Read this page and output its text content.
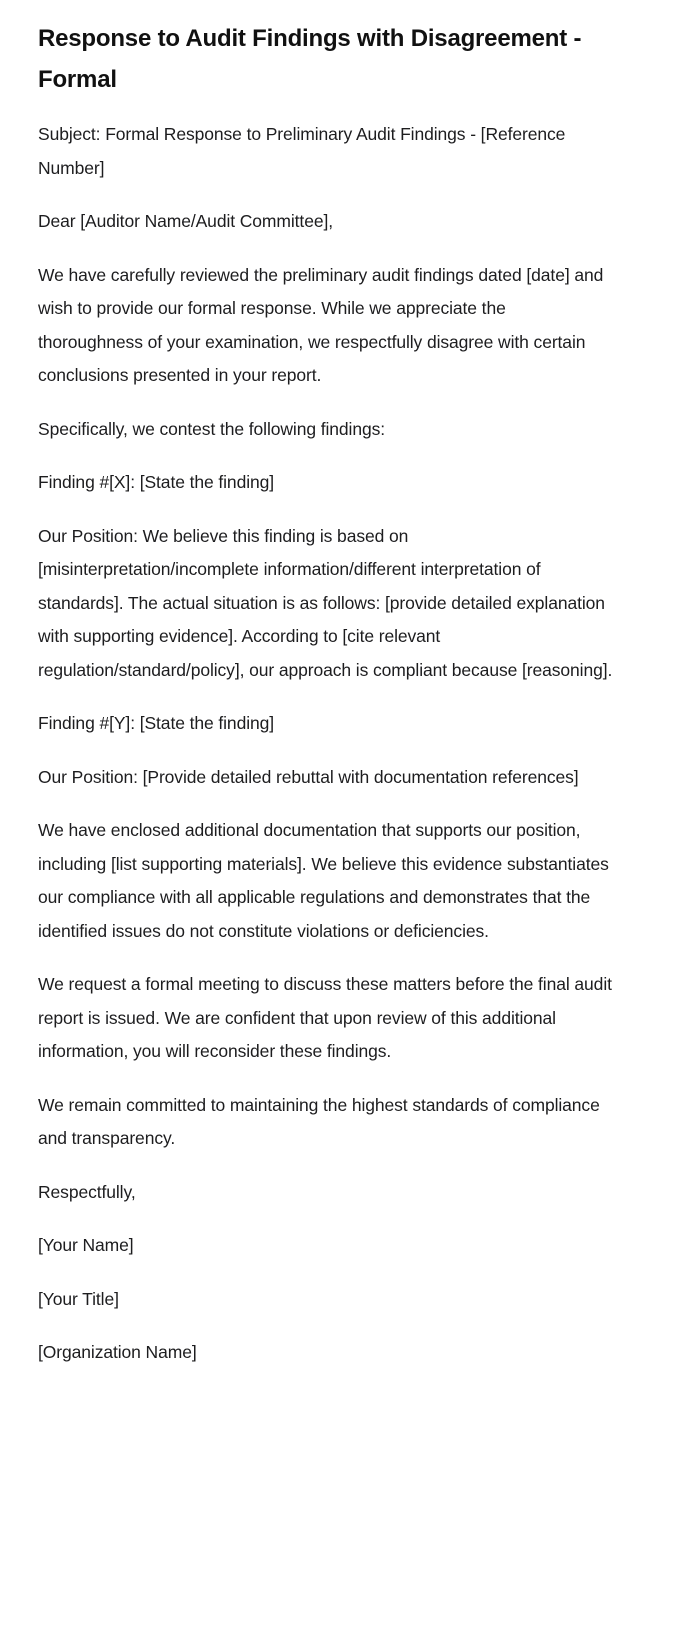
Response to Audit Findings with Disagreement - Formal

Subject: Formal Response to Preliminary Audit Findings - [Reference Number]

Dear [Auditor Name/Audit Committee],

We have carefully reviewed the preliminary audit findings dated [date] and wish to provide our formal response. While we appreciate the thoroughness of your examination, we respectfully disagree with certain conclusions presented in your report.

Specifically, we contest the following findings:

Finding #[X]: [State the finding]

Our Position: We believe this finding is based on [misinterpretation/incomplete information/different interpretation of standards]. The actual situation is as follows: [provide detailed explanation with supporting evidence]. According to [cite relevant regulation/standard/policy], our approach is compliant because [reasoning].

Finding #[Y]: [State the finding]

Our Position: [Provide detailed rebuttal with documentation references]

We have enclosed additional documentation that supports our position, including [list supporting materials]. We believe this evidence substantiates our compliance with all applicable regulations and demonstrates that the identified issues do not constitute violations or deficiencies.

We request a formal meeting to discuss these matters before the final audit report is issued. We are confident that upon review of this additional information, you will reconsider these findings.

We remain committed to maintaining the highest standards of compliance and transparency.

Respectfully,

[Your Name]

[Your Title]

[Organization Name]
